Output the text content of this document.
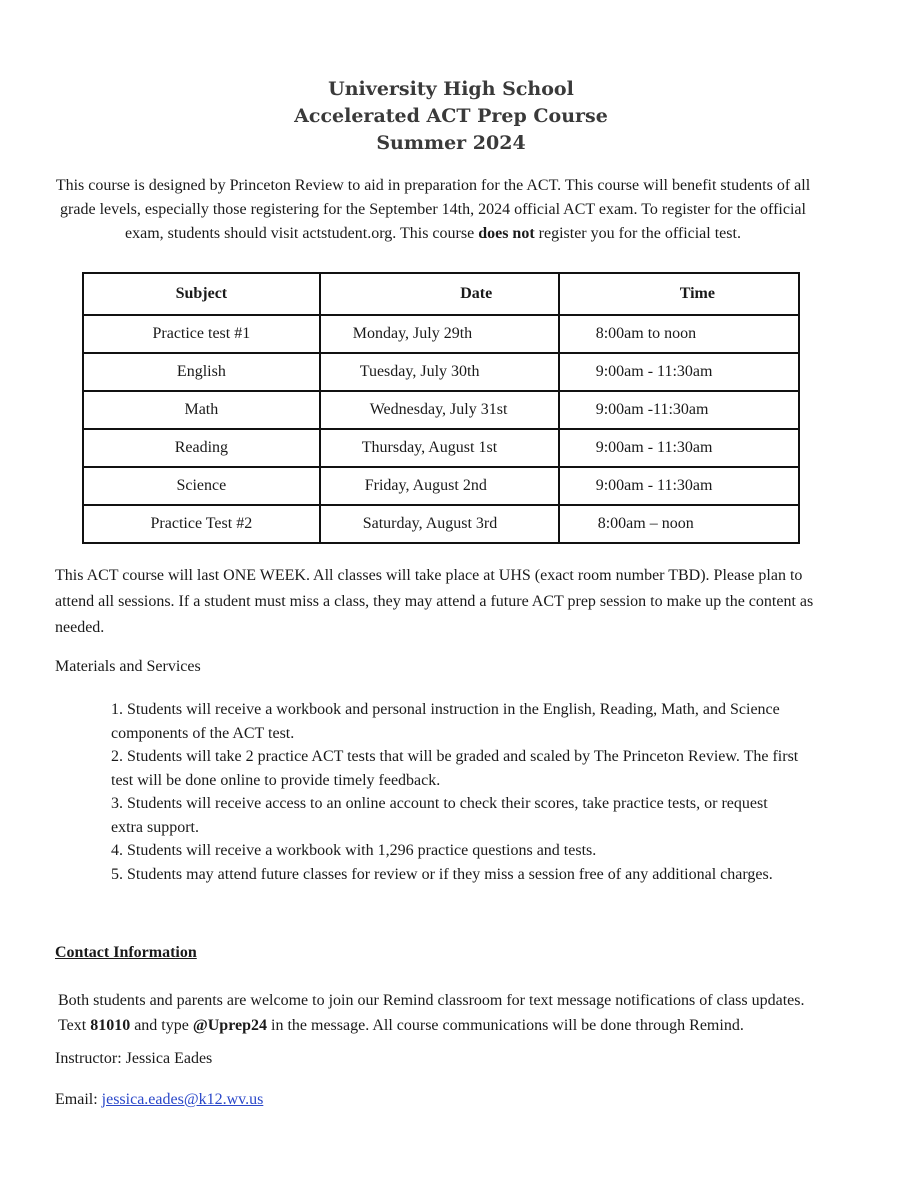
University High School
Accelerated ACT Prep Course
Summer 2024
This course is designed by Princeton Review to aid in preparation for the ACT. This course will benefit students of all grade levels, especially those registering for the September 14th, 2024 official ACT exam. To register for the official exam, students should visit actstudent.org. This course does not register you for the official test.
Subject	Date	Time
Practice test #1	Monday, July 29th	8:00am to noon
English	Tuesday, July 30th	9:00am - 11:30am
Math	Wednesday, July 31st	9:00am -11:30am
Reading	Thursday, August 1st	9:00am - 11:30am
Science	Friday, August 2nd	9:00am - 11:30am
Practice Test #2	Saturday, August 3rd	8:00am – noon
This ACT course will last ONE WEEK. All classes will take place at UHS (exact room number TBD). Please plan to attend all sessions. If a student must miss a class, they may attend a future ACT prep session to make up the content as needed.
Materials and Services
1. Students will receive a workbook and personal instruction in the English, Reading, Math, and Science components of the ACT test.
2. Students will take 2 practice ACT tests that will be graded and scaled by The Princeton Review. The first test will be done online to provide timely feedback.
3. Students will receive access to an online account to check their scores, take practice tests, or request extra support.
4. Students will receive a workbook with 1,296 practice questions and tests.
5. Students may attend future classes for review or if they miss a session free of any additional charges.
Contact Information
Both students and parents are welcome to join our Remind classroom for text message notifications of class updates.
Text 81010 and type @Uprep24 in the message. All course communications will be done through Remind.
Instructor: Jessica Eades
Email: jessica.eades@k12.wv.us
